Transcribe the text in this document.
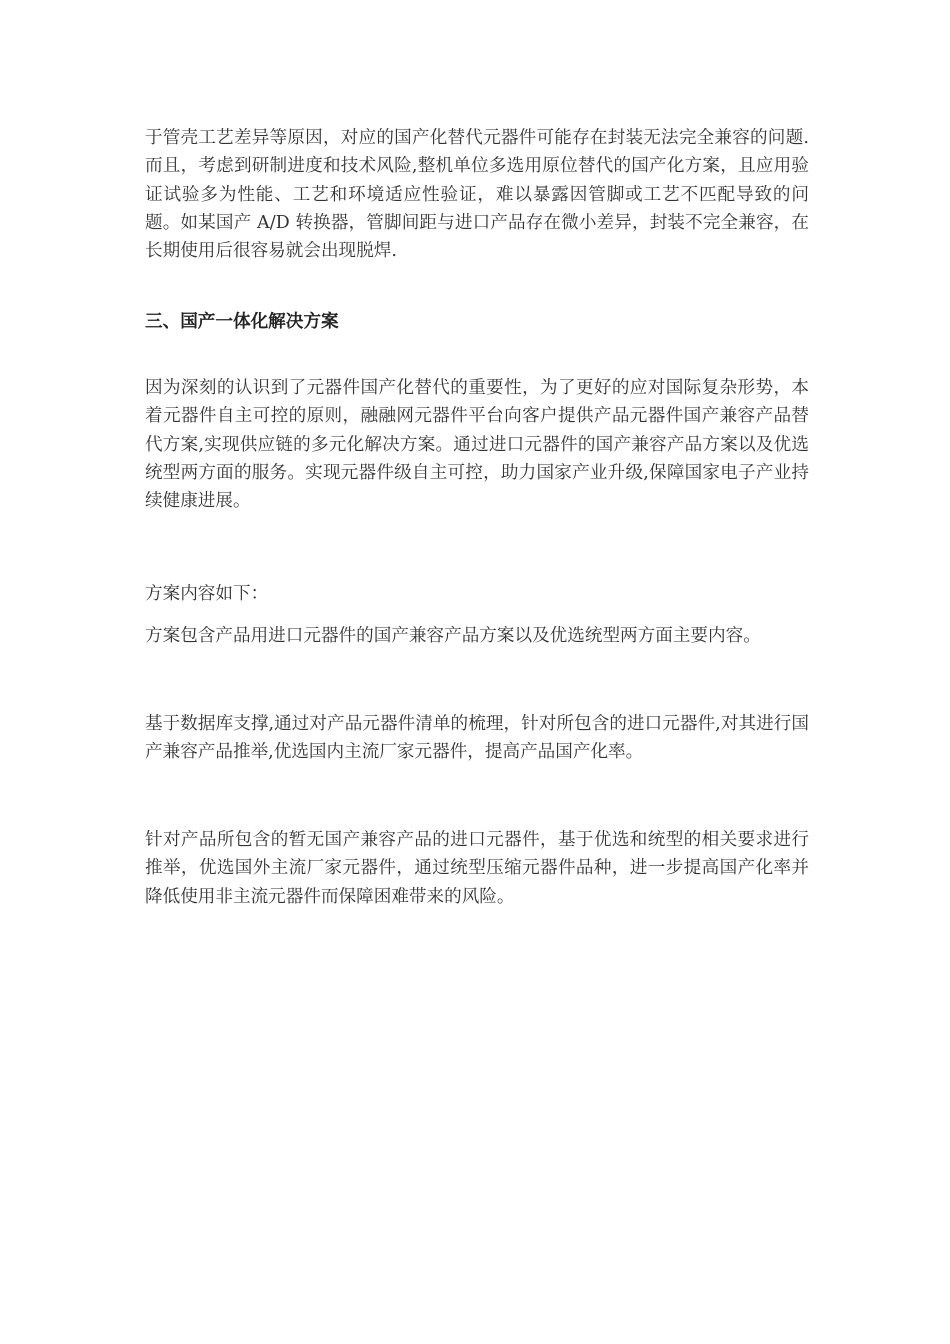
于管壳工艺差异等原因，对应的国产化替代元器件可能存在封装无法完全兼容的问题.而且，考虑到研制进度和技术风险,整机单位多选用原位替代的国产化方案，且应用验证试验多为性能、工艺和环境适应性验证，难以暴露因管脚或工艺不匹配导致的问题。如某国产 A/D 转换器，管脚间距与进口产品存在微小差异，封装不完全兼容，在长期使用后很容易就会出现脱焊.

三、国产一体化解决方案

因为深刻的认识到了元器件国产化替代的重要性，为了更好的应对国际复杂形势，本着元器件自主可控的原则，融融网元器件平台向客户提供产品元器件国产兼容产品替代方案,实现供应链的多元化解决方案。通过进口元器件的国产兼容产品方案以及优选统型两方面的服务。实现元器件级自主可控，助力国家产业升级,保障国家电子产业持续健康进展。

方案内容如下：

方案包含产品用进口元器件的国产兼容产品方案以及优选统型两方面主要内容。

基于数据库支撑,通过对产品元器件清单的梳理，针对所包含的进口元器件,对其进行国产兼容产品推举,优选国内主流厂家元器件，提高产品国产化率。

针对产品所包含的暂无国产兼容产品的进口元器件，基于优选和统型的相关要求进行推举，优选国外主流厂家元器件，通过统型压缩元器件品种，进一步提高国产化率并降低使用非主流元器件而保障困难带来的风险。
